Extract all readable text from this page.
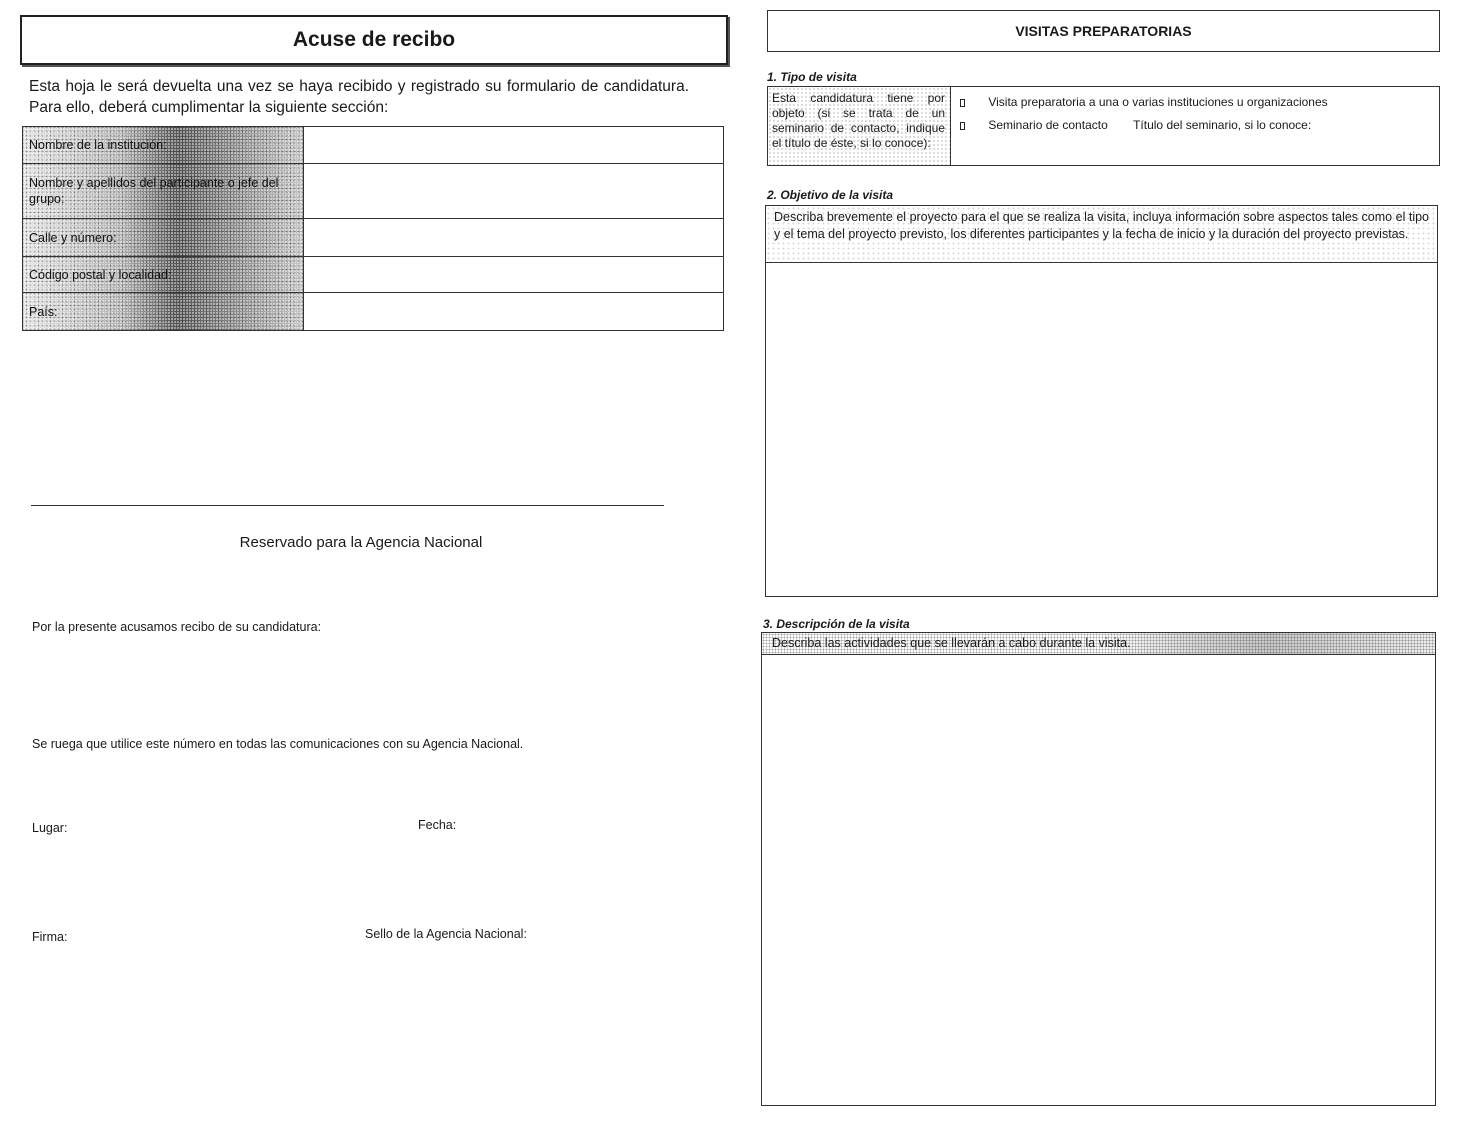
Acuse de recibo
Esta hoja le será devuelta una vez se haya recibido y registrado su formulario de candidatura.
Para ello, deberá cumplimentar la siguiente sección:
Nombre de la institución:	
Nombre y apellidos del participante o jefe del grupo:	
Calle y número:	
Código postal y localidad:	
País:	
Reservado para la Agencia Nacional
Por la presente acusamos recibo de su candidatura:
Se ruega que utilice este número en todas las comunicaciones con su Agencia Nacional.
Lugar:	Fecha:
Firma:	Sello de la Agencia Nacional:
VISITAS PREPARATORIAS
1. Tipo de visita
Esta candidatura tiene por objeto (si se trata de un seminario de contacto, indique el título de éste, si lo conoce):
Visita preparatoria a una o varias instituciones u organizaciones
Seminario de contacto Título del seminario, si lo conoce:
2. Objetivo de la visita
Describa brevemente el proyecto para el que se realiza la visita, incluya información sobre aspectos tales como el tipo y el tema del proyecto previsto, los diferentes participantes y la fecha de inicio y la duración del proyecto previstas.
3. Descripción de la visita
Describa las actividades que se llevarán a cabo durante la visita.
